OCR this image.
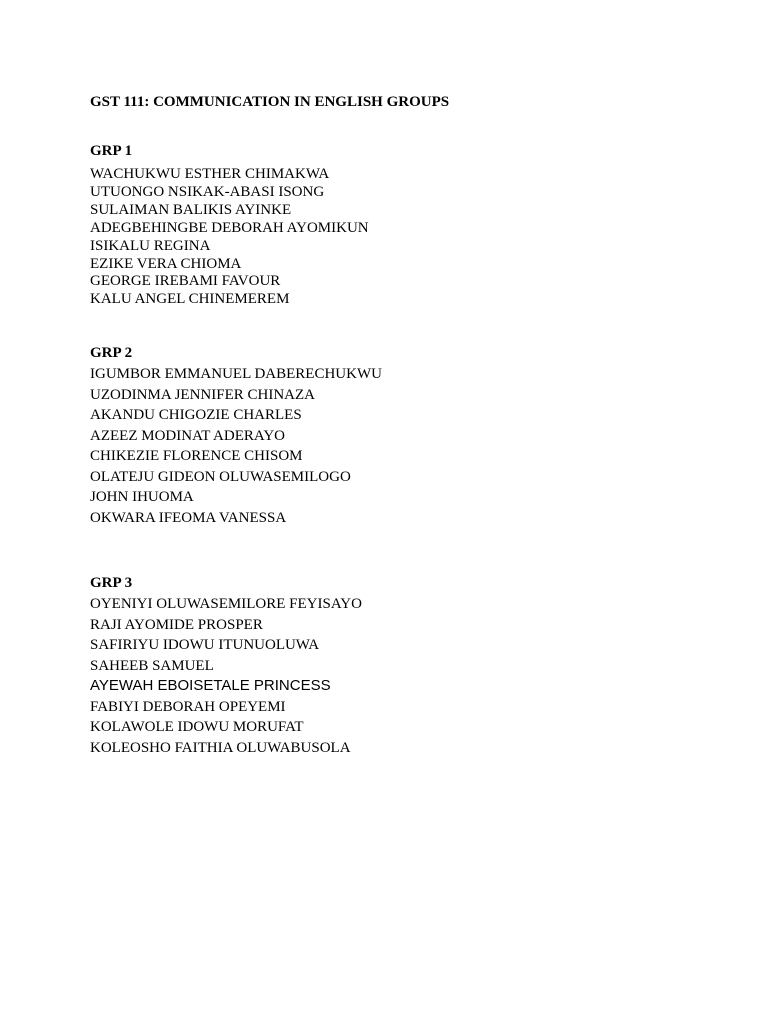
GST 111: COMMUNICATION IN ENGLISH GROUPS
GRP 1
WACHUKWU ESTHER CHIMAKWA
UTUONGO NSIKAK-ABASI ISONG
SULAIMAN BALIKIS AYINKE
ADEGBEHINGBE DEBORAH AYOMIKUN
ISIKALU REGINA
EZIKE VERA CHIOMA
GEORGE IREBAMI FAVOUR
KALU ANGEL CHINEMEREM
GRP 2
IGUMBOR EMMANUEL DABERECHUKWU
UZODINMA JENNIFER CHINAZA
AKANDU CHIGOZIE CHARLES
AZEEZ MODINAT ADERAYO
CHIKEZIE FLORENCE CHISOM
OLATEJU GIDEON OLUWASEMILOGO
JOHN IHUOMA
OKWARA IFEOMA VANESSA
GRP 3
OYENIYI OLUWASEMILORE FEYISAYO
RAJI AYOMIDE PROSPER
SAFIRIYU IDOWU ITUNUOLUWA
SAHEEB SAMUEL
AYEWAH EBOISETALE PRINCESS
FABIYI DEBORAH OPEYEMI
KOLAWOLE IDOWU MORUFAT
KOLEOSHO FAITHIA OLUWABUSOLA
